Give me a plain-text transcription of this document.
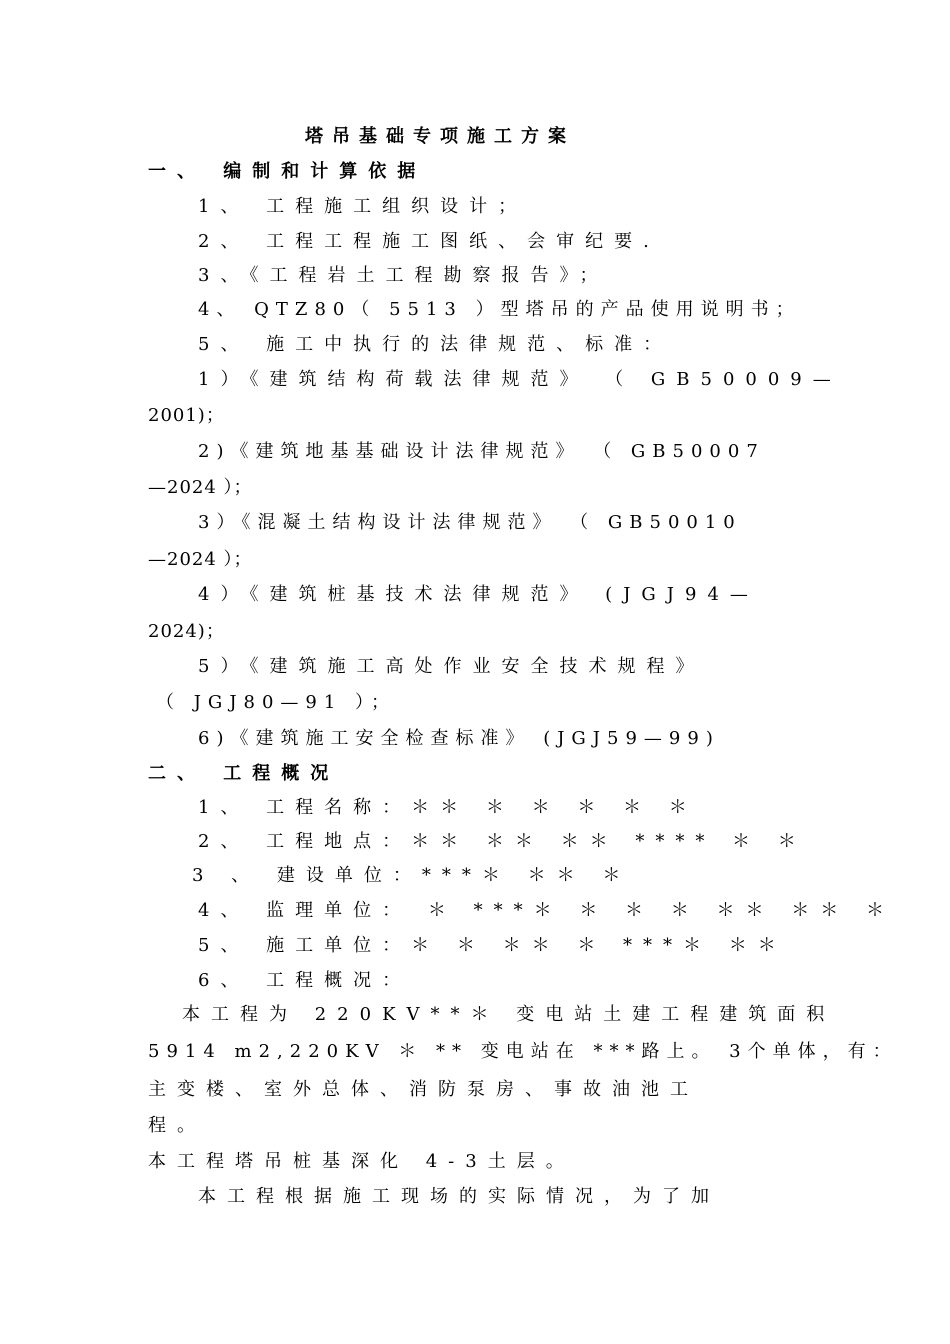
塔吊基础专项施工方案
一、 编制和计算依据
1、 工程施工组织设计；
2、 工程工程施工图纸、会审纪要.
3、《工程岩土工程勘察报告》；
4、 QTZ80（ 5513 ）型塔吊的产品使用说明书；
5、 施工中执行的法律规范、标准：
1）《建筑结构荷载法律规范》 （ GB50009—
2001)；
2)《建筑地基基础设计法律规范》 （ GB50007
—2024 ）；
3）《混凝土结构设计法律规范》 （ GB50010
—2024 ）；
4）《建筑桩基技术法律规范》 (JGJ94—
2024)；
5）《建筑施工高处作业安全技术规程》
（ JGJ80—91 ）；
6)《建筑施工安全检查标准》 (JGJ59—99)
二、 工程概况
1、 工程名称：＊＊ ＊ ＊ ＊ ＊ ＊
2、 工程地点：＊＊ ＊＊ ＊＊ **** ＊ ＊
3 、 建设单位：***＊ ＊＊ ＊
4、 监理单位： ＊ ***＊ ＊ ＊ ＊ ＊＊ ＊＊ ＊
5、 施工单位：＊ ＊ ＊＊ ＊ ***＊ ＊＊
6、 工程概况：
本工程为 220KV**＊ 变电站土建工程建筑面积
5914 m2,220KV ＊ ** 变电站在 ***路上。 3个单体，有：
主变楼、室外总体、消防泵房、事故油池工
程。
本工程塔吊桩基深化 4-3土层。
本工程根据施工现场的实际情况，为了加
